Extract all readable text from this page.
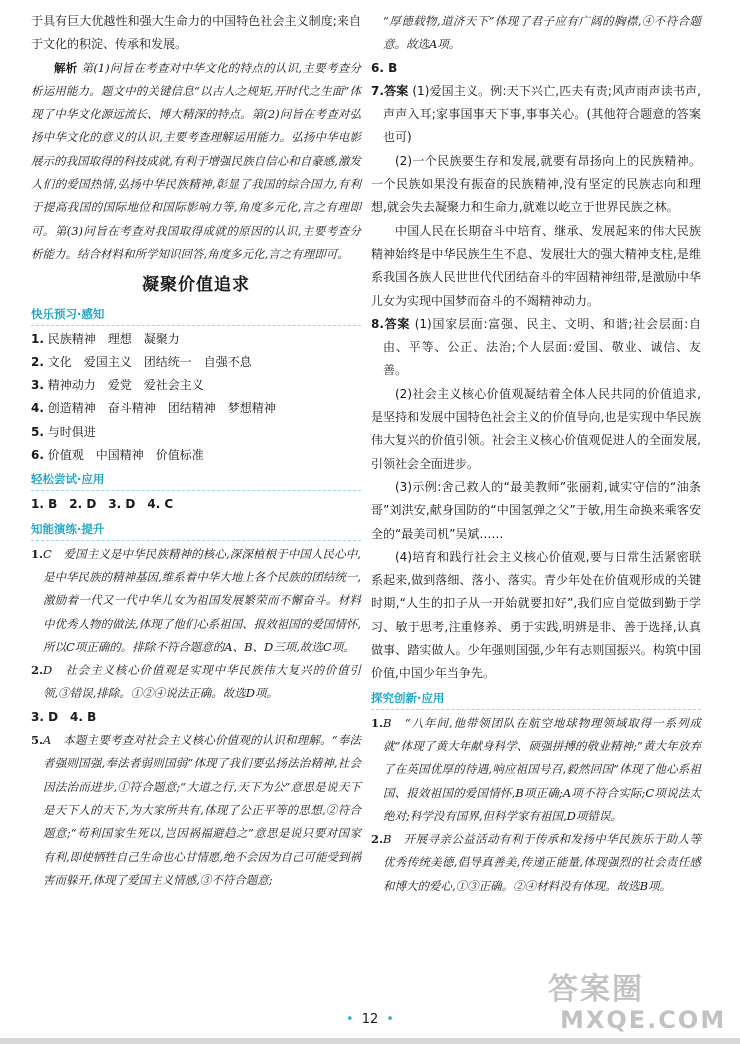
于具有巨大优越性和强大生命力的中国特色社会主义制度;来自于文化的积淀、传承和发展。

解析 第(1)问旨在考查对中华文化的特点的认识,主要考查分析运用能力。题文中的关键信息“以古人之规矩,开时代之生面”体现了中华文化源远流长、博大精深的特点。第(2)问旨在考查对弘扬中华文化的意义的认识,主要考查理解运用能力。弘扬中华电影展示的我国取得的科技成就,有利于增强民族自信心和自豪感,激发人们的爱国热情,弘扬中华民族精神,彰显了我国的综合国力,有利于提高我国的国际地位和国际影响力等,角度多元化,言之有理即可。第(3)问旨在考查对我国取得成就的原因的认识,主要考查分析能力。结合材料和所学知识回答,角度多元化,言之有理即可。

凝聚价值追求
快乐预习·感知

1. 民族精神　理想　凝聚力

2. 文化　爱国主义　团结统一　自强不息

3. 精神动力　爱党　爱社会主义

4. 创造精神　奋斗精神　团结精神　梦想精神

5. 与时俱进

6. 价值观　中国精神　价值标准

轻松尝试·应用

1. B　2. D　3. D　4. C

知能演练·提升

1.C　爱国主义是中华民族精神的核心,深深植根于中国人民心中,是中华民族的精神基因,维系着中华大地上各个民族的团结统一,激励着一代又一代中华儿女为祖国发展繁荣而不懈奋斗。材料中优秀人物的做法,体现了他们心系祖国、报效祖国的爱国情怀,所以C项正确的。排除不符合题意的A、B、D三项,故选C项。

2.D　社会主义核心价值观是实现中华民族伟大复兴的价值引领,③错误,排除。①②④说法正确。故选D项。

3. D　4. B

5.A　本题主要考查对社会主义核心价值观的认识和理解。“奉法者强则国强,奉法者弱则国弱”体现了我们要弘扬法治精神,社会因法治而进步,①符合题意;“大道之行,天下为公”意思是说天下是天下人的天下,为大家所共有,体现了公正平等的思想,②符合题意;“苟利国家生死以,岂因祸福避趋之”意思是说只要对国家有利,即使牺牲自己生命也心甘情愿,绝不会因为自己可能受到祸害而躲开,体现了爱国主义情感,③不符合题意;

“厚德载物,道济天下”体现了君子应有广阔的胸襟,④不符合题意。故选A项。

6. B

7.答案 (1)爱国主义。例:天下兴亡,匹夫有责;风声雨声读书声,声声入耳;家事国事天下事,事事关心。(其他符合题意的答案也可)

(2)一个民族要生存和发展,就要有昂扬向上的民族精神。一个民族如果没有振奋的民族精神,没有坚定的民族志向和理想,就会失去凝聚力和生命力,就难以屹立于世界民族之林。

中国人民在长期奋斗中培育、继承、发展起来的伟大民族精神始终是中华民族生生不息、发展壮大的强大精神支柱,是维系我国各族人民世世代代团结奋斗的牢固精神纽带,是激励中华儿女为实现中国梦而奋斗的不竭精神动力。

8.答案 (1)国家层面:富强、民主、文明、和谐;社会层面:自由、平等、公正、法治;个人层面:爱国、敬业、诚信、友善。

(2)社会主义核心价值观凝结着全体人民共同的价值追求,是坚持和发展中国特色社会主义的价值导向,也是实现中华民族伟大复兴的价值引领。社会主义核心价值观促进人的全面发展,引领社会全面进步。

(3)示例:舍己救人的“最美教师”张丽莉,诚实守信的“油条哥”刘洪安,献身国防的“中国氢弹之父”于敏,用生命换来乘客安全的“最美司机”吴斌……

(4)培育和践行社会主义核心价值观,要与日常生活紧密联系起来,做到落细、落小、落实。青少年处在价值观形成的关键时期,“人生的扣子从一开始就要扣好”,我们应自觉做到勤于学习、敏于思考,注重修养、勇于实践,明辨是非、善于选择,认真做事、踏实做人。少年强则国强,少年有志则国振兴。构筑中国价值,中国少年当争先。

探究创新·应用

1.B　“八年间,他带领团队在航空地球物理领域取得一系列成就”体现了黄大年献身科学、硕强拼搏的敬业精神;“黄大年放弃了在英国优厚的待遇,响应祖国号召,毅然回国”体现了他心系祖国、报效祖国的爱国情怀,B项正确;A项不符合实际;C项说法太绝对;科学没有国界,但科学家有祖国,D项错误。

2.B　开展寻亲公益活动有利于传承和发扬中华民族乐于助人等优秀传统美德,倡导真善美,传递正能量,体现强烈的社会责任感和博大的爱心,①③正确。②④材料没有体现。故选B项。

• 12 •
答案圈
MXQE.COM
